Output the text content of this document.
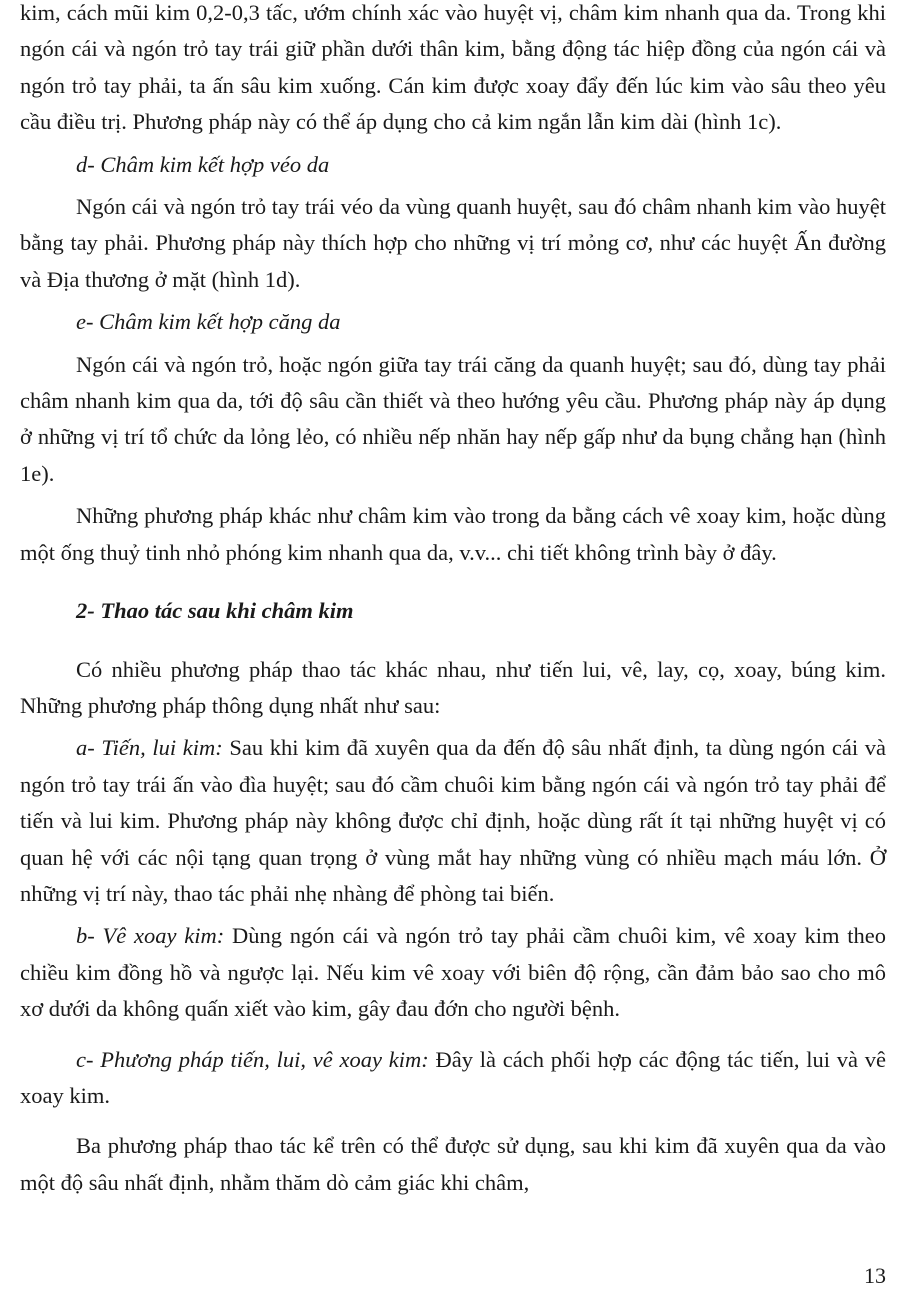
kim, cách mũi kim 0,2-0,3 tấc, ướm chính xác vào huyệt vị, châm kim nhanh qua da. Trong khi ngón cái và ngón trỏ tay trái giữ phần dưới thân kim, bằng động tác hiệp đồng của ngón cái và ngón trỏ tay phải, ta ấn sâu kim xuống. Cán kim được xoay đẩy đến lúc kim vào sâu theo yêu cầu điều trị. Phương pháp này có thể áp dụng cho cả kim ngắn lẫn kim dài (hình 1c).

d- Châm kim kết hợp véo da

Ngón cái và ngón trỏ tay trái véo da vùng quanh huyệt, sau đó châm nhanh kim vào huyệt bằng tay phải. Phương pháp này thích hợp cho những vị trí mỏng cơ, như các huyệt Ấn đường và Địa thương ở mặt (hình 1d).

e- Châm kim kết hợp căng da

Ngón cái và ngón trỏ, hoặc ngón giữa tay trái căng da quanh huyệt; sau đó, dùng tay phải châm nhanh kim qua da, tới độ sâu cần thiết và theo hướng yêu cầu. Phương pháp này áp dụng ở những vị trí tổ chức da lỏng lẻo, có nhiều nếp nhăn hay nếp gấp như da bụng chẳng hạn (hình 1e).

Những phương pháp khác như châm kim vào trong da bằng cách vê xoay kim, hoặc dùng một ống thuỷ tinh nhỏ phóng kim nhanh qua da, v.v... chi tiết không trình bày ở đây.

2- Thao tác sau khi châm kim

Có nhiều phương pháp thao tác khác nhau, như tiến lui, vê, lay, cọ, xoay, búng kim. Những phương pháp thông dụng nhất như sau:

a- Tiến, lui kim: Sau khi kim đã xuyên qua da đến độ sâu nhất định, ta dùng ngón cái và ngón trỏ tay trái ấn vào đìa huyệt; sau đó cầm chuôi kim bằng ngón cái và ngón trỏ tay phải để tiến và lui kim. Phương pháp này không được chỉ định, hoặc dùng rất ít tại những huyệt vị có quan hệ với các nội tạng quan trọng ở vùng mắt hay những vùng có nhiều mạch máu lớn. Ở những vị trí này, thao tác phải nhẹ nhàng để phòng tai biến.

b- Vê xoay kim: Dùng ngón cái và ngón trỏ tay phải cầm chuôi kim, vê xoay kim theo chiều kim đồng hồ và ngược lại. Nếu kim vê xoay với biên độ rộng, cần đảm bảo sao cho mô xơ dưới da không quấn xiết vào kim, gây đau đớn cho người bệnh.

c- Phương pháp tiến, lui, vê xoay kim: Đây là cách phối hợp các động tác tiến, lui và vê xoay kim.

Ba phương pháp thao tác kể trên có thể được sử dụng, sau khi kim đã xuyên qua da vào một độ sâu nhất định, nhằm thăm dò cảm giác khi châm,

13
